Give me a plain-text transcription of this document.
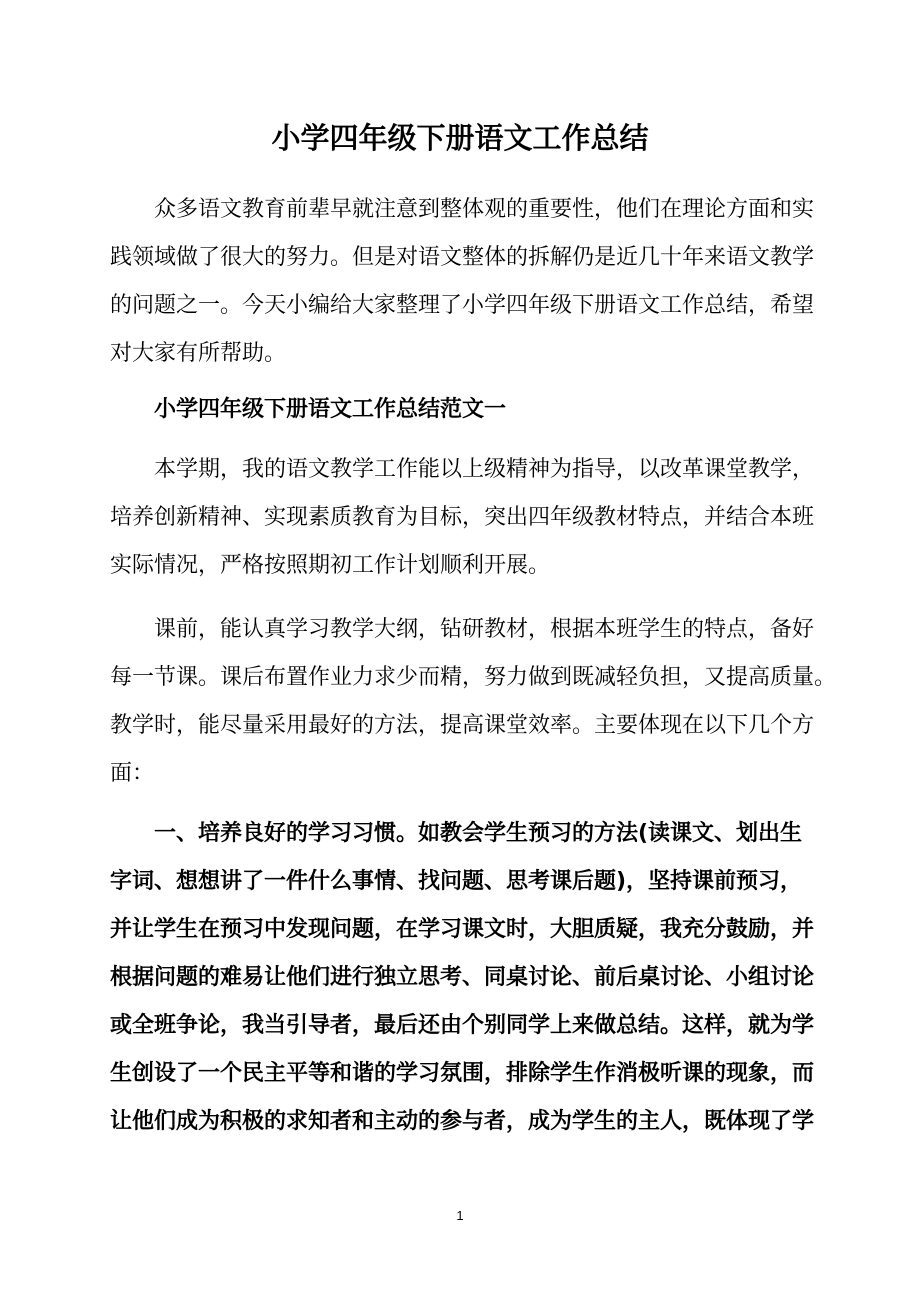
小学四年级下册语文工作总结

众多语文教育前辈早就注意到整体观的重要性，他们在理论方面和实
践领域做了很大的努力。但是对语文整体的拆解仍是近几十年来语文教学
的问题之一。今天小编给大家整理了小学四年级下册语文工作总结，希望
对大家有所帮助。

小学四年级下册语文工作总结范文一

本学期，我的语文教学工作能以上级精神为指导，以改革课堂教学，
培养创新精神、实现素质教育为目标，突出四年级教材特点，并结合本班
实际情况，严格按照期初工作计划顺利开展。

课前，能认真学习教学大纲，钻研教材，根据本班学生的特点，备好
每一节课。课后布置作业力求少而精，努力做到既减轻负担，又提高质量。
教学时，能尽量采用最好的方法，提高课堂效率。主要体现在以下几个方
面：

一、培养良好的学习习惯。如教会学生预习的方法(读课文、划出生
字词、想想讲了一件什么事情、找问题、思考课后题)，坚持课前预习，
并让学生在预习中发现问题，在学习课文时，大胆质疑，我充分鼓励，并
根据问题的难易让他们进行独立思考、同桌讨论、前后桌讨论、小组讨论
或全班争论，我当引导者，最后还由个别同学上来做总结。这样，就为学
生创设了一个民主平等和谐的学习氛围，排除学生作消极听课的现象，而
让他们成为积极的求知者和主动的参与者，成为学生的主人，既体现了学

1
